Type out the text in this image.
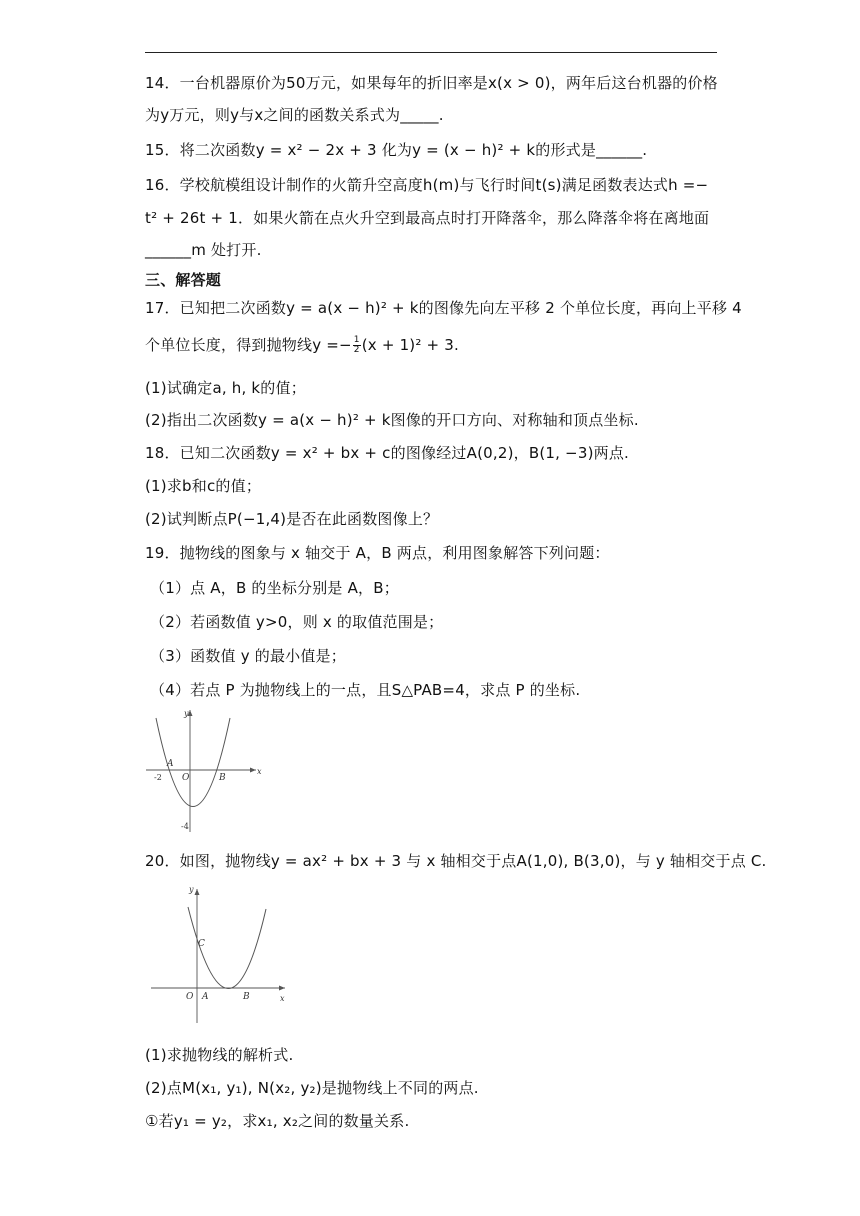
14．一台机器原价为50万元，如果每年的折旧率是x(x > 0)，两年后这台机器的价格
为y万元，则y与x之间的函数关系式为_____.
15．将二次函数y = x² − 2x + 3 化为y = (x − h)² + k的形式是______.
16．学校航模组设计制作的火箭升空高度h(m)与飞行时间t(s)满足函数表达式h =−
t² + 26t + 1．如果火箭在点火升空到最高点时打开降落伞，那么降落伞将在离地面
______m 处打开.
三、解答题
17．已知把二次函数y = a(x − h)² + k的图像先向左平移 2 个单位长度，再向上平移 4
个单位长度，得到抛物线$y =- \frac{1}{2} (x + 1)^2 + 3$.
(1)试确定a, h, k的值；
(2)指出二次函数y = a(x − h)² + k图像的开口方向、对称轴和顶点坐标.
18．已知二次函数y = x² + bx + c的图像经过A(0,2)，B(1, −3)两点.
(1)求b和c的值；
(2)试判断点P(−1,4)是否在此函数图像上？
19．抛物线的图象与 x 轴交于 A，B 两点，利用图象解答下列问题：
（1）点 A，B 的坐标分别是 A，B；
（2）若函数值 y>0，则 x 的取值范围是；
（3）函数值 y 的最小值是；
（4）若点 P 为抛物线上的一点，且S△PAB=4，求点 P 的坐标.
y
x
A
O	B
-2
-4
20．如图，抛物线y = ax² + bx + 3 与 x 轴相交于点A(1,0), B(3,0)，与 y 轴相交于点 C.
y
x
C
O A	B
(1)求抛物线的解析式.
(2)点M(x₁, y₁), N(x₂, y₂)是抛物线上不同的两点.
①若y₁ = y₂，求x₁, x₂之间的数量关系.
